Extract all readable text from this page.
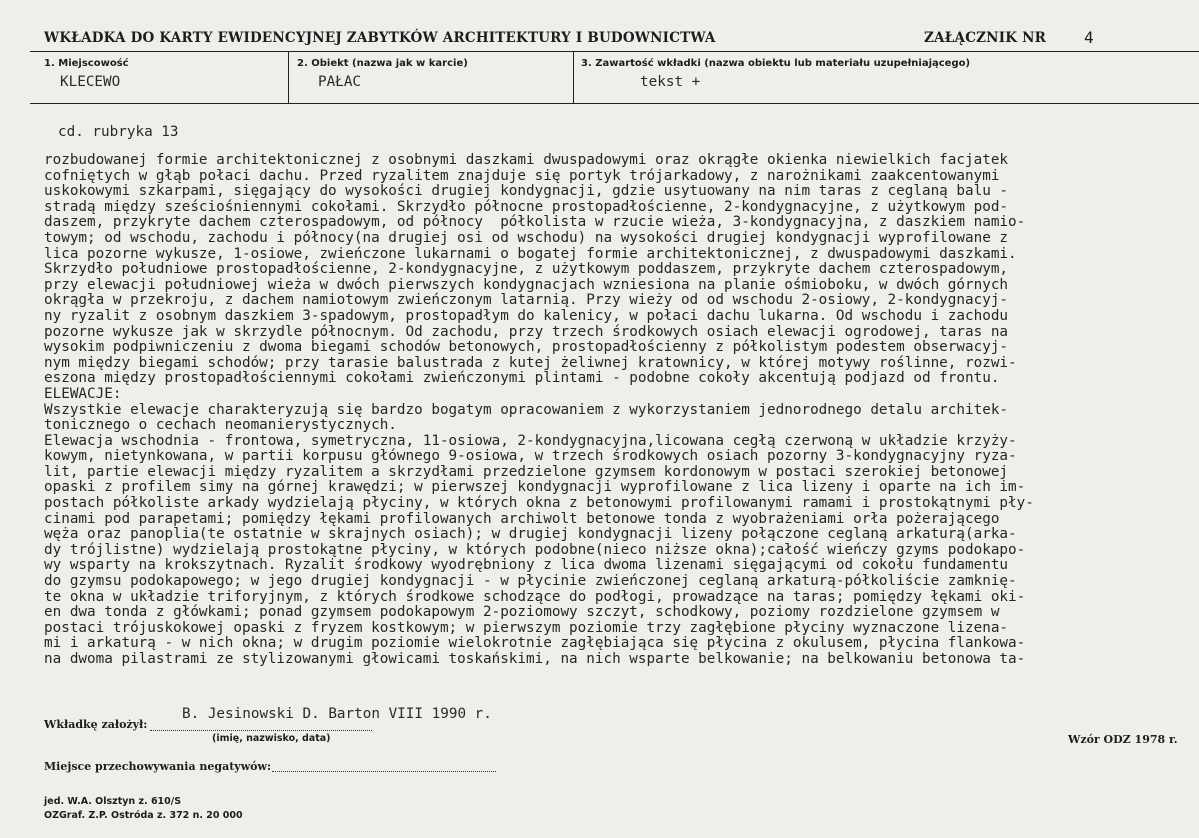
WKŁADKA DO KARTY EWIDENCYJNEJ ZABYTKÓW ARCHITEKTURY I BUDOWNICTWA	ZAŁĄCZNIK NR 4
1. Miejscowość
KLECEWO
2. Obiekt (nazwa jak w karcie)
PAŁAC
3. Zawartość wkładki (nazwa obiektu lub materiału uzupełniającego)
tekst +
cd. rubryka 13
rozbudowanej formie architektonicznej z osobnymi daszkami dwuspadowymi oraz okrągłe okienka niewielkich facjatek
cofniętych w głąb połaci dachu. Przed ryzalitem znajduje się portyk trójarkadowy, z narożnikami zaakcentowanymi
uskokowymi szkarpami, sięgający do wysokości drugiej kondygnacji, gdzie usytuowany na nim taras z ceglaną balu -
stradą między sześciośniennymi cokołami. Skrzydło północne prostopadłościenne, 2-kondygnacyjne, z użytkowym pod-
daszem, przykryte dachem czterospadowym, od północy  półkolista w rzucie wieża, 3-kondygnacyjna, z daszkiem namio-
towym; od wschodu, zachodu i północy(na drugiej osi od wschodu) na wysokości drugiej kondygnacji wyprofilowane z
lica pozorne wykusze, 1-osiowe, zwieńczone lukarnami o bogatej formie architektonicznej, z dwuspadowymi daszkami.
Skrzydło południowe prostopadłościenne, 2-kondygnacyjne, z użytkowym poddaszem, przykryte dachem czterospadowym,
przy elewacji południowej wieża w dwóch pierwszych kondygnacjach wzniesiona na planie ośmioboku, w dwóch górnych
okrągła w przekroju, z dachem namiotowym zwieńczonym latarnią. Przy wieży od od wschodu 2-osiowy, 2-kondygnacyj-
ny ryzalit z osobnym daszkiem 3-spadowym, prostopadłym do kalenicy, w połaci dachu lukarna. Od wschodu i zachodu
pozorne wykusze jak w skrzydle północnym. Od zachodu, przy trzech środkowych osiach elewacji ogrodowej, taras na
wysokim podpiwniczeniu z dwoma biegami schodów betonowych, prostopadłościenny z półkolistym podestem obserwacyj-
nym między biegami schodów; przy tarasie balustrada z kutej żeliwnej kratownicy, w której motywy roślinne, rozwi-
eszona między prostopadłościennymi cokołami zwieńczonymi plintami - podobne cokoły akcentują podjazd od frontu.
ELEWACJE:
Wszystkie elewacje charakteryzują się bardzo bogatym opracowaniem z wykorzystaniem jednorodnego detalu architek-
tonicznego o cechach neomanierystycznych.
Elewacja wschodnia - frontowa, symetryczna, 11-osiowa, 2-kondygnacyjna,licowana cegłą czerwoną w układzie krzyży-
kowym, nietynkowana, w partii korpusu głównego 9-osiowa, w trzech środkowych osiach pozorny 3-kondygnacyjny ryza-
lit, partie elewacji między ryzalitem a skrzydłami przedzielone gzymsem kordonowym w postaci szerokiej betonowej
opaski z profilem simy na górnej krawędzi; w pierwszej kondygnacji wyprofilowane z lica lizeny i oparte na ich im-
postach półkoliste arkady wydzielają płyciny, w których okna z betonowymi profilowanymi ramami i prostokątnymi pły-
cinami pod parapetami; pomiędzy łękami profilowanych archiwolt betonowe tonda z wyobrażeniami orła pożerającego
węża oraz panoplia(te ostatnie w skrajnych osiach); w drugiej kondygnacji lizeny połączone ceglaną arkaturą(arka-
dy trójlistne) wydzielają prostokątne płyciny, w których podobne(nieco niższe okna);całość wieńczy gzyms podokapo-
wy wsparty na krokszytnach. Ryzalit środkowy wyodrębniony z lica dwoma lizenami sięgającymi od cokołu fundamentu
do gzymsu podokapowego; w jego drugiej kondygnacji - w płycinie zwieńczonej ceglaną arkaturą-półkoliście zamknię-
te okna w układzie triforyjnym, z których środkowe schodzące do podłogi, prowadzące na taras; pomiędzy łękami oki-
en dwa tonda z główkami; ponad gzymsem podokapowym 2-poziomowy szczyt, schodkowy, poziomy rozdzielone gzymsem w
postaci trójuskokowej opaski z fryzem kostkowym; w pierwszym poziomie trzy zagłębione płyciny wyznaczone lizena-
mi i arkaturą - w nich okna; w drugim poziomie wielokrotnie zagłębiająca się płycina z okulusem, płycina flankowa-
na dwoma pilastrami ze stylizowanymi głowicami toskańskimi, na nich wsparte belkowanie; na belkowaniu betonowa ta-
Wkładkę założył:
B. Jesinowski D. Barton VIII 1990 r.
(imię, nazwisko, data)	Wzór ODZ 1978 r.
Miejsce przechowywania negatywów:
jed. W.A. Olsztyn z. 610/S
OZGraf. Z.P. Ostróda z. 372 n. 20 000
